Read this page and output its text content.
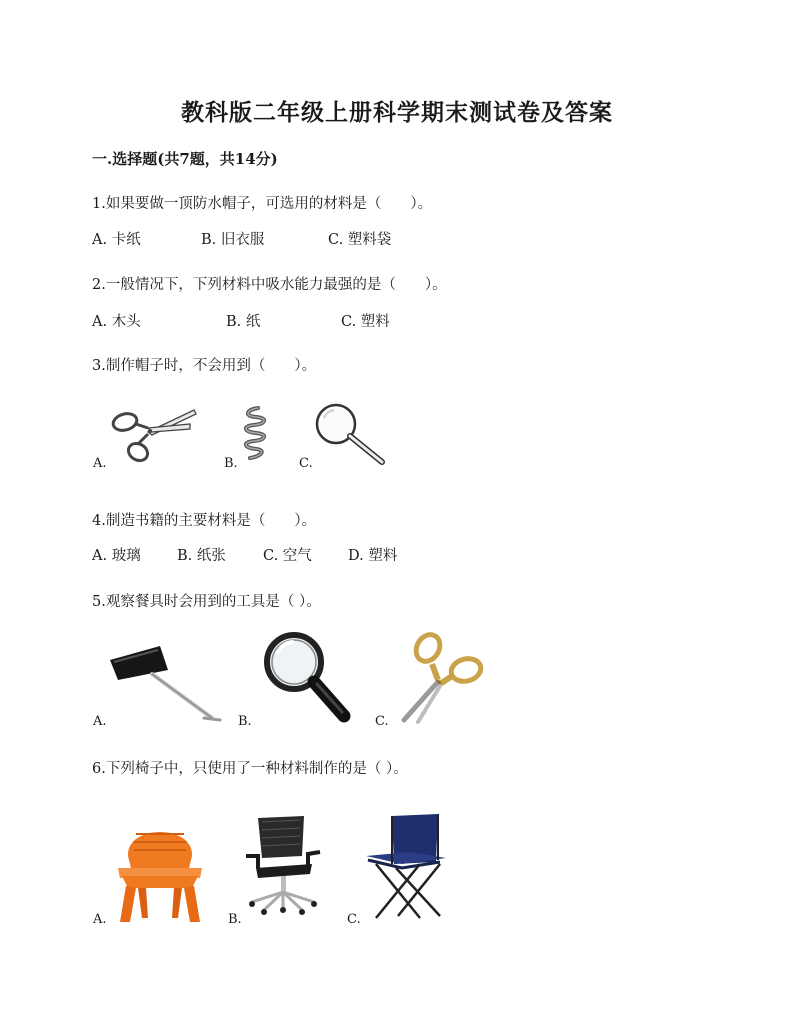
教科版二年级上册科学期末测试卷及答案
一.选择题(共7题，共14分)
1.如果要做一顶防水帽子，可选用的材料是（　　）。
A. 卡纸	B. 旧衣服	C. 塑料袋
2.一般情况下，下列材料中吸水能力最强的是（　　）。
A. 木头	B. 纸	C. 塑料
3.制作帽子时，不会用到（　　）。
A.	B.	C.
4.制造书籍的主要材料是（　　）。
A. 玻璃	B. 纸张	C. 空气 D. 塑料
5.观察餐具时会用到的工具是（ ）。
A.	B.	C.
6.下列椅子中，只使用了一种材料制作的是（ ）。
A.	B.	C.
